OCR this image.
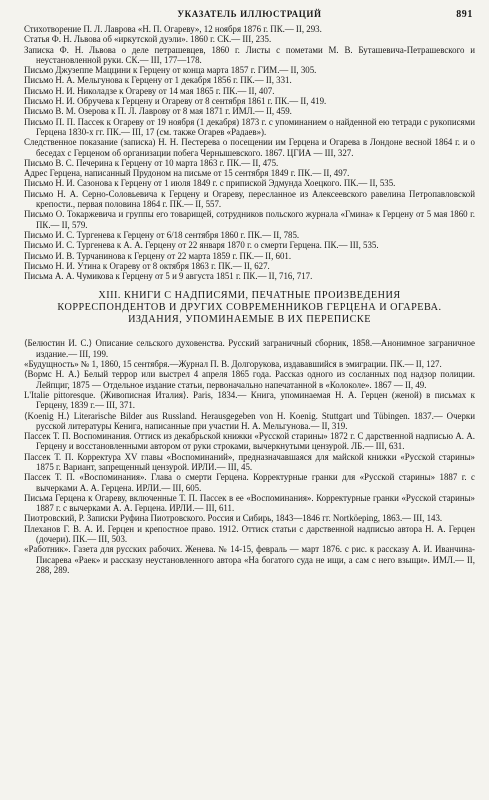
УКАЗАТЕЛЬ ИЛЛЮСТРАЦИЙ	891

Стихотворение П. Л. Лаврова «Н. П. Огареву», 12 ноября 1876 г. ПК.— II, 293.

Статья Ф. Н. Львова об «иркутской дуэли». 1860 г. СК.— III, 235.

Записка Ф. Н. Львова о деле петрашевцев, 1860 г. Листы с пометами М. В. Буташевича-Петрашевского и неустановленной руки. СК.— III, 177—178.

Письмо Джузеппе Маццини к Герцену от конца марта 1857 г. ГИМ.— II, 305.

Письмо Н. А. Мельгунова к Герцену от 1 декабря 1856 г. ПК.— II, 331.

Письмо Н. И. Николадзе к Огареву от 14 мая 1865 г. ПК.— II, 407.

Письмо Н. И. Обручева к Герцену и Огареву от 8 сентября 1861 г. ПК.— II, 419.

Письмо В. М. Озерова к П. Л. Лаврову от 8 мая 1871 г. ИМЛ.— II, 459.

Письмо П. П. Пассек к Огареву от 19 ноября (1 декабря) 1873 г. с упоминанием о найденной ею тетради с рукописями Герцена 1830-х гг. ПК.— III, 17 (см. также Огарев «Радаев»).

Следственное показание (записка) Н. Н. Пестерева о посещении им Герцена и Огарева в Лондоне весной 1864 г. и о беседах с Герценом об организации побега Чернышевского. 1867. ЦГИА — III, 327.

Письмо В. С. Печерина к Герцену от 10 марта 1863 г. ПК.— II, 475.

Адрес Герцена, написанный Прудоном на письме от 15 сентября 1849 г. ПК.— II, 497.

Письмо Н. И. Сазонова к Герцену от 1 июля 1849 г. с припиской Эдмунда Хоецкого. ПК.— II, 535.

Письмо Н. А. Серно-Соловьевича к Герцену и Огареву, пересланное из Алексеевского равелина Петропавловской крепости., первая половина 1864 г. ПК.— II, 557.

Письмо О. Токаржевича и группы его товарищей, сотрудников польского журнала «Гмина» к Герцену от 5 мая 1860 г. ПК.— II, 579.

Письмо И. С. Тургенева к Герцену от 6/18 сентября 1860 г. ПК.— II, 785.

Письмо И. С. Тургенева к А. А. Герцену от 22 января 1870 г. о смерти Герцена. ПК.— III, 535.

Письмо И. В. Турчанинова к Герцену от 22 марта 1859 г. ПК.— II, 601.

Письмо Н. И. Утина к Огареву от 8 октября 1863 г. ПК.— II, 627.

Письма А. А. Чумикова к Герцену от 5 и 9 августа 1851 г. ПК.— II, 716, 717.

XIII. КНИГИ С НАДПИСЯМИ, ПЕЧАТНЫЕ ПРОИЗВЕДЕНИЯ
КОРРЕСПОНДЕНТОВ И ДРУГИХ СОВРЕМЕННИКОВ ГЕРЦЕНА И ОГАРЕВА.
ИЗДАНИЯ, УПОМИНАЕМЫЕ В ИХ ПЕРЕПИСКЕ

⟨Белюстин И. С.⟩ Описание сельского духовенства. Русский заграничный сборник, 1858.—Анонимное заграничное издание.— III, 199.

«Будущность» № 1, 1860, 15 сентября.—Журнал П. В. Долгорукова, издававшийся в эмиграции. ПК.— II, 127.

⟨Вормс Н. А.⟩ Белый террор или выстрел 4 апреля 1865 года. Рассказ одного из сосланных под надзор полиции. Лейпциг, 1875 — Отдельное издание статьи, первоначально напечатанной в «Колоколе». 1867 — II, 49.

L'Italie pittoresque. ⟨Живописная Италия⟩. Paris, 1834.— Книга, упоминаемая Н. А. Герцен (женой) в письмах к Герцену, 1839 г.— III, 371.

⟨Koenig H.⟩ Literarische Bilder aus Russland. Herausgegeben von H. Koenig. Stuttgart und Tübingen. 1837.— Очерки русской литературы Кенига, написанные при участии Н. А. Мельгунова.— II, 319.

Пассек Т. П. Воспоминания. Оттиск из декабрьской книжки «Русской старины» 1872 г. С дарственной надписью А. А. Герцену и восстановленными автором от руки строками, вычеркнутыми цензурой. ЛБ.— III, 631.

Пассек Т. П. Корректура XV главы «Воспоминаний», предназначавшаяся для майской книжки «Русской старины» 1875 г. Вариант, запрещенный цензурой. ИРЛИ.— III, 45.

Пассек Т. П. «Воспоминания». Глава о смерти Герцена. Корректурные гранки для «Русской старины» 1887 г. с вычерками А. А. Герцена. ИРЛИ.— III, 605.

Письма Герцена к Огареву, включенные Т. П. Пассек в ее «Воспоминания». Корректурные гранки «Русской старины» 1887 г. с вычерками А. А. Герцена. ИРЛИ.— III, 611.

Пиотровский, Р. Записки Руфина Пиотровского. Россия и Сибирь, 1843—1846 гг. Nortköeping, 1863.— III, 143.

Плеханов Г. В. А. И. Герцен и крепостное право. 1912. Оттиск статьи с дарственной надписью автора Н. А. Герцен (дочери). ПК.— III, 503.

«Работник». Газета для русских рабочих. Женева. № 14-15, февраль — март 1876. с рис. к рассказу А. И. Иванчина-Писарева «Раек» и рассказу неустановленного автора «На богатого суда не ищи, а сам с него взыщи». ИМЛ.— II, 288, 289.
